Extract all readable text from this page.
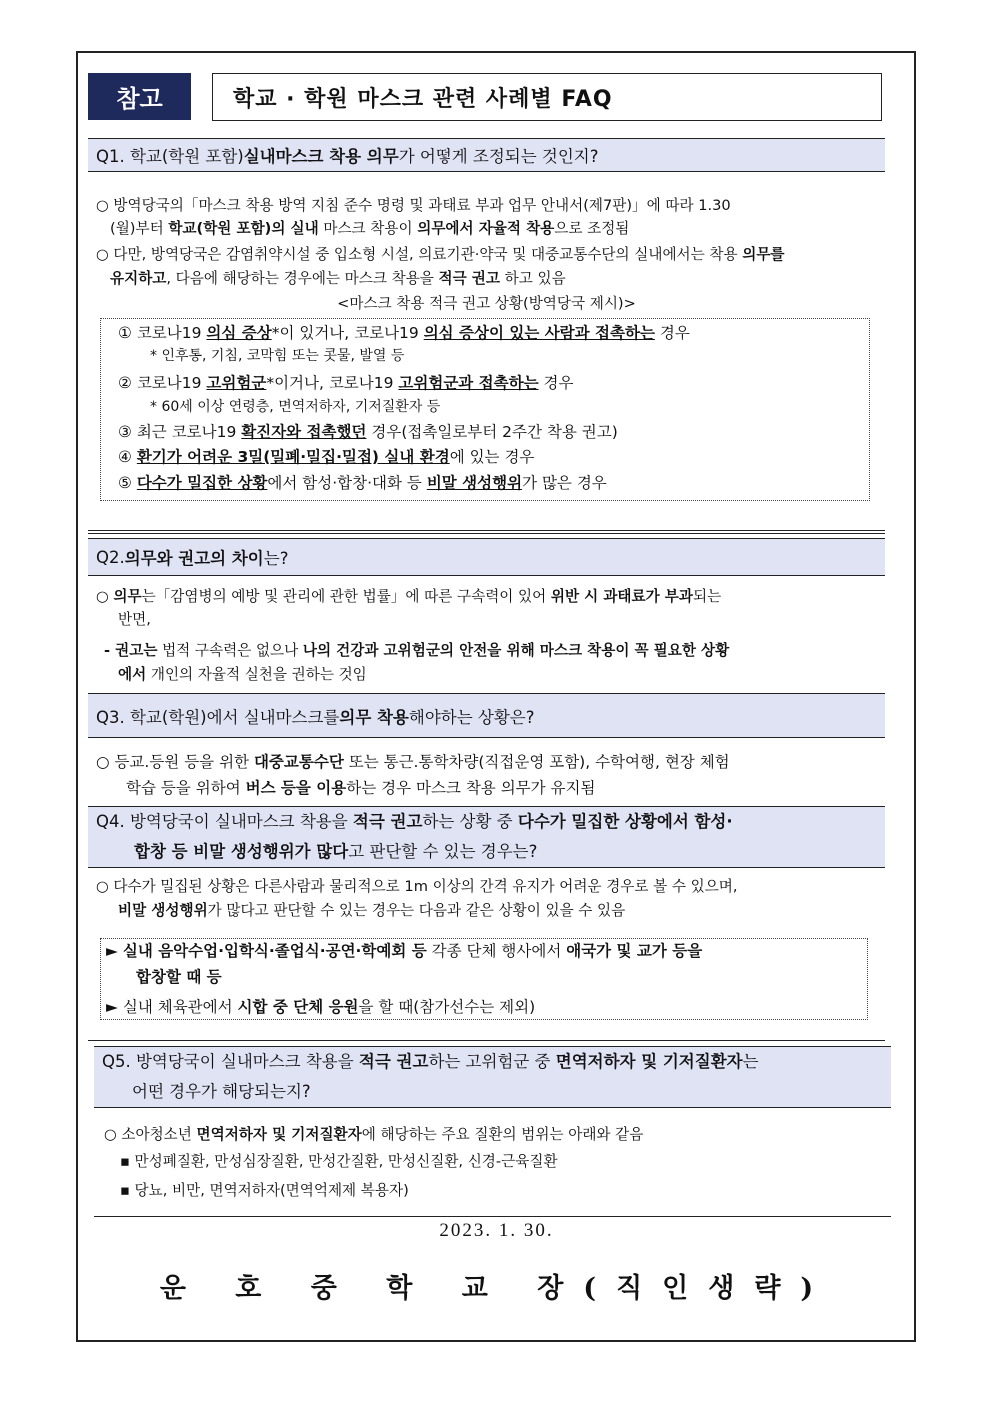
참고	학교 · 학원 마스크 관련 사례별 FAQ
Q1. 학교(학원 포함) 실내마스크 착용 의무 가 어떻게 조정되는 것인지?
○ 방역당국의「마스크 착용 방역 지침 준수 명령 및 과태료 부과 업무 안내서(제7판)」에 따라 1.30
(월)부터 학교(학원 포함)의 실내 마스크 착용이 의무에서 자율적 착용으로 조정됨
○ 다만, 방역당국은 감염취약시설 중 입소형 시설, 의료기관·약국 및 대중교통수단의 실내에서는 착용 의무를
유지하고, 다음에 해당하는 경우에는 마스크 착용을 적극 권고 하고 있음
<마스크 착용 적극 권고 상황(방역당국 제시)>
① 코로나19 의심 증상*이 있거나, 코로나19 의심 증상이 있는 사람과 접촉하는 경우
* 인후통, 기침, 코막힘 또는 콧물, 발열 등
② 코로나19 고위험군*이거나, 코로나19 고위험군과 접촉하는 경우
* 60세 이상 연령층, 면역저하자, 기저질환자 등
③ 최근 코로나19 확진자와 접촉했던 경우(접촉일로부터 2주간 착용 권고)
④ 환기가 어려운 3밀(밀폐·밀집·밀접) 실내 환경에 있는 경우
⑤ 다수가 밀집한 상황에서 함성·합창·대화 등 비말 생성행위가 많은 경우
Q2. 의무와 권고의 차이 는?
○ 의무는「감염병의 예방 및 관리에 관한 법률」에 따른 구속력이 있어 위반 시 과태료가 부과되는
반면,
- 권고는 법적 구속력은 없으나 나의 건강과 고위험군의 안전을 위해 마스크 착용이 꼭 필요한 상황
에서 개인의 자율적 실천을 권하는 것임
Q3. 학교(학원)에서 실내마스크를 의무 착용 해야하는 상황은?
○ 등교.등원 등을 위한 대중교통수단 또는 통근.통학차량(직접운영 포함), 수학여행, 현장 체험
학습 등을 위하여 버스 등을 이용하는 경우 마스크 착용 의무가 유지됨
Q4. 방역당국이 실내마스크 착용을 적극 권고하는 상황 중 다수가 밀집한 상황에서 함성·
합창 등 비말 생성행위가 많다고 판단할 수 있는 경우는?
○ 다수가 밀집된 상황은 다른사람과 물리적으로 1m 이상의 간격 유지가 어려운 경우로 볼 수 있으며,
비말 생성행위가 많다고 판단할 수 있는 경우는 다음과 같은 상황이 있을 수 있음
► 실내 음악수업·입학식·졸업식·공연·학예회 등 각종 단체 행사에서 애국가 및 교가 등을
합창할 때 등
► 실내 체육관에서 시합 중 단체 응원을 할 때(참가선수는 제외)
Q5. 방역당국이 실내마스크 착용을 적극 권고하는 고위험군 중 면역저하자 및 기저질환자는
어떤 경우가 해당되는지?
○ 소아청소년 면역저하자 및 기저질환자에 해당하는 주요 질환의 범위는 아래와 같음
▪ 만성폐질환, 만성심장질환, 만성간질환, 만성신질환, 신경-근육질환
▪ 당뇨, 비만, 면역저하자(면역억제제 복용자)
2023. 1. 30.
운 호 중 학 교 장(직인생략)
